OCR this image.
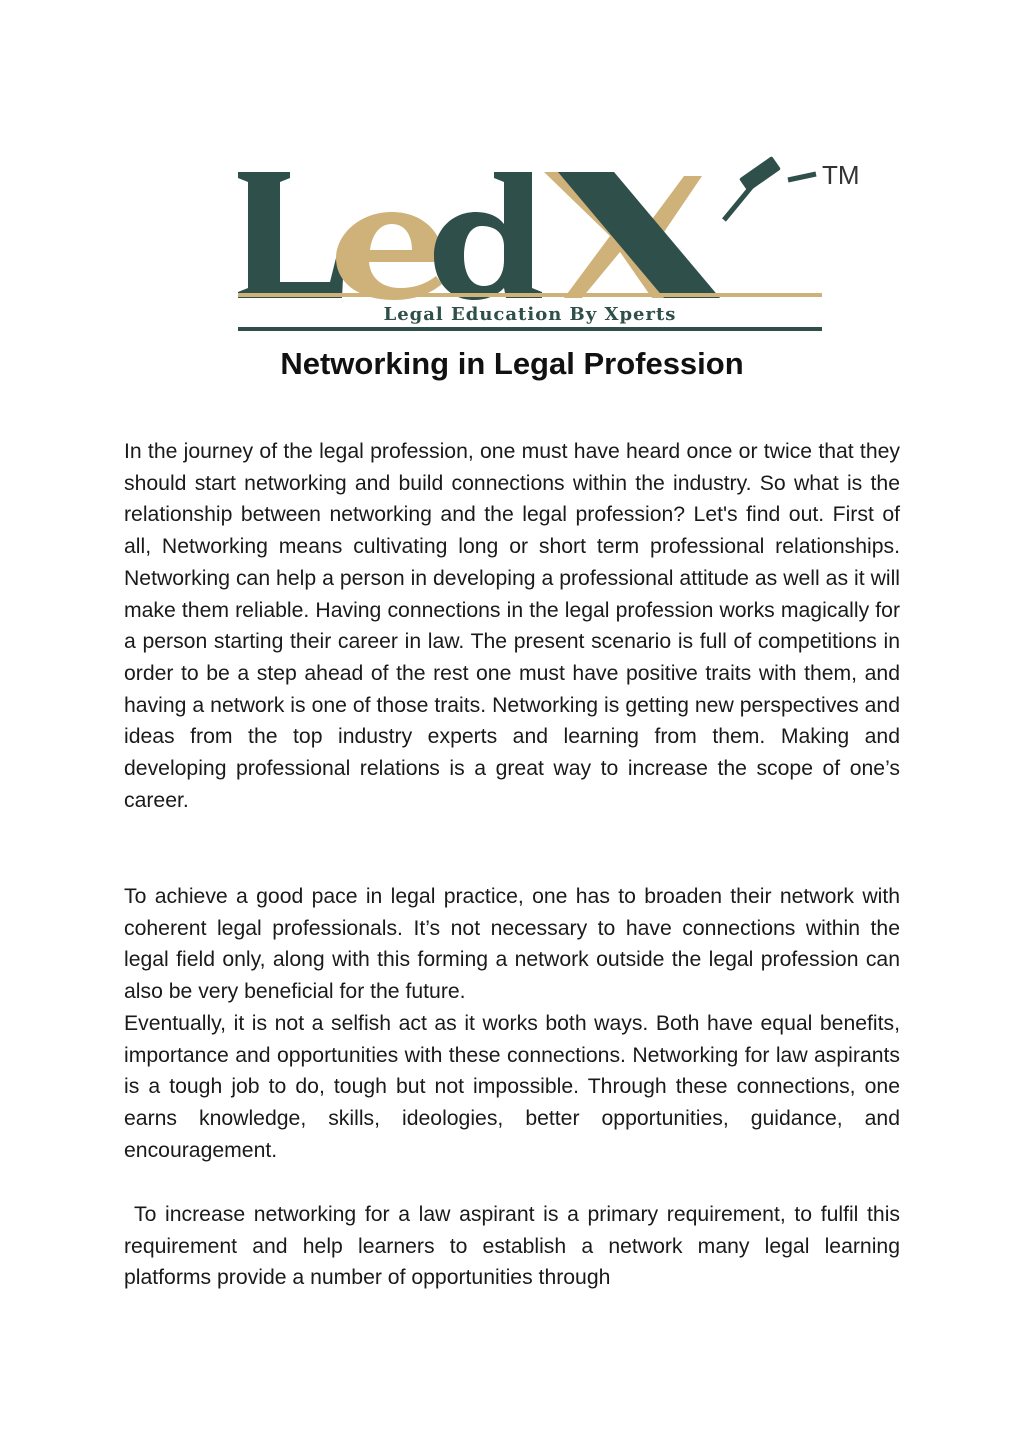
TM
Legal Education By Xperts
Networking in Legal Profession

In the journey of the legal profession, one must have heard once or twice that they should start networking and build connections within the industry. So what is the relationship between networking and the legal profession? Let's find out. First of all, Networking means cultivating long or short term professional relationships. Networking can help a person in developing a professional attitude as well as it will make them reliable. Having connections in the legal profession works magically for a person starting their career in law. The present scenario is full of competitions in order to be a step ahead of the rest one must have positive traits with them, and having a network is one of those traits. Networking is getting new perspectives and ideas from the top industry experts and learning from them. Making and developing professional relations is a great way to increase the scope of one’s career.

To achieve a good pace in legal practice, one has to broaden their network with coherent legal professionals. It’s not necessary to have connections within the legal field only, along with this forming a network outside the legal profession can also be very beneficial for the future.

Eventually, it is not a selfish act as it works both ways. Both have equal benefits, importance and opportunities with these connections. Networking for law aspirants is a tough job to do, tough but not impossible. Through these connections, one earns knowledge, skills, ideologies, better opportunities, guidance, and encouragement.

To increase networking for a law aspirant is a primary requirement, to fulfil this requirement and help learners to establish a network many legal learning platforms provide a number of opportunities through
